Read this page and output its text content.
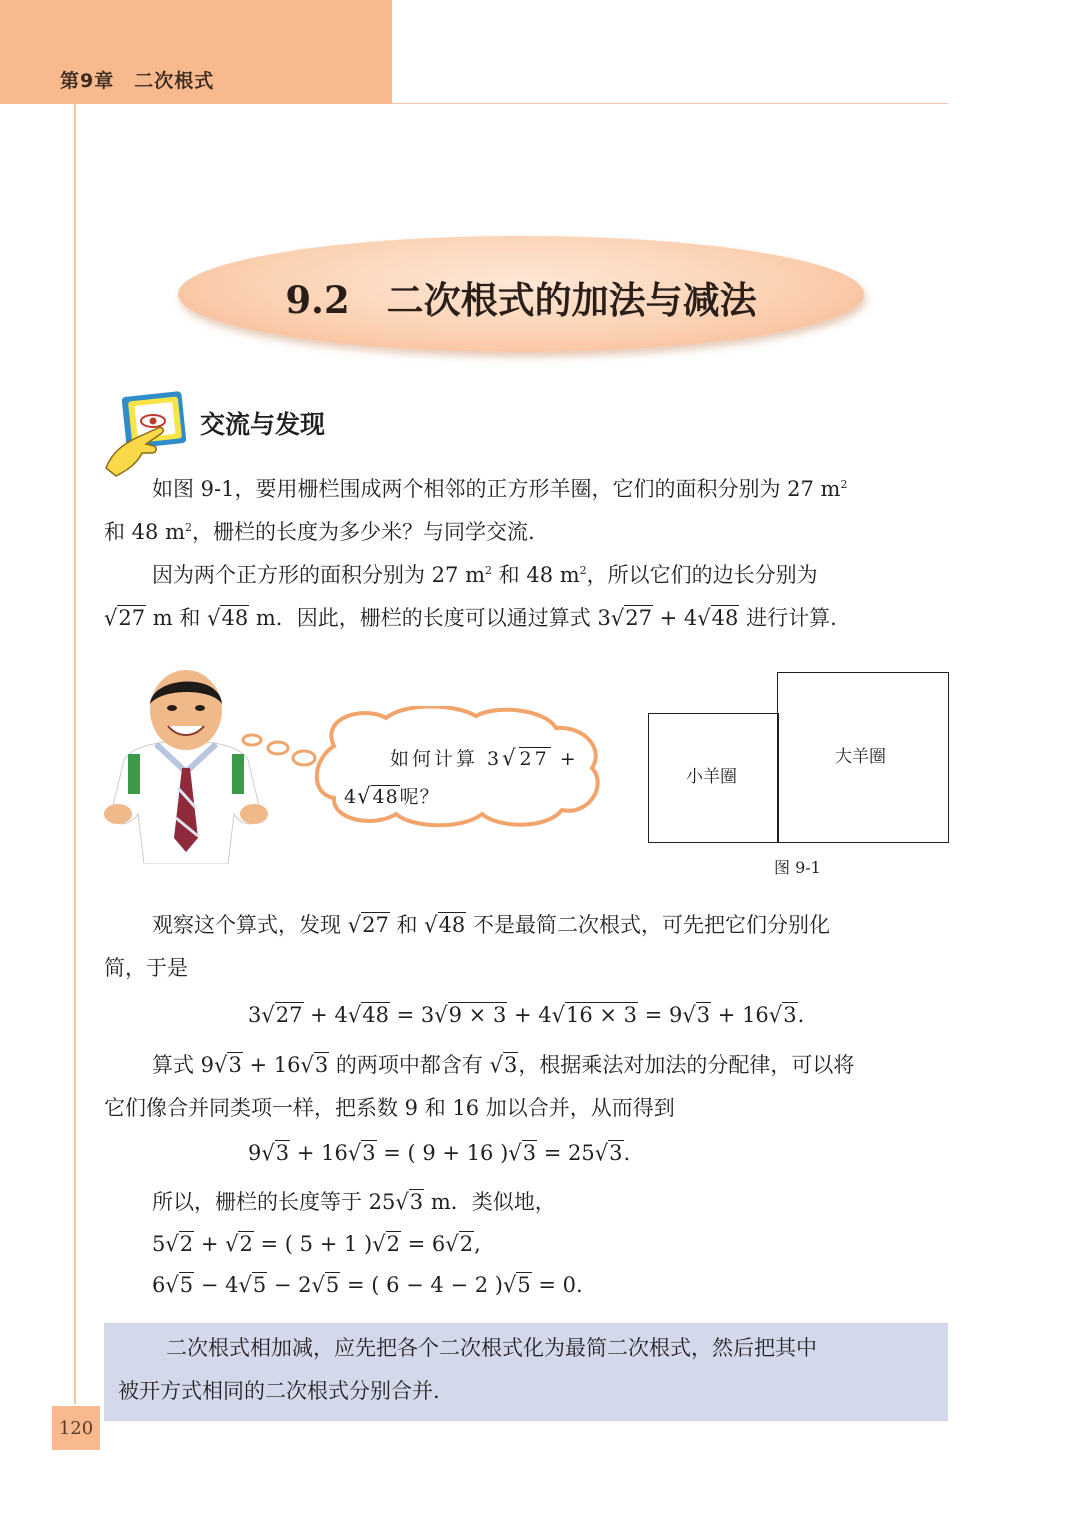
第9章　二次根式
120
9.2　二次根式的加法与减法
交流与发现
如图 9-1，要用栅栏围成两个相邻的正方形羊圈，它们的面积分别为 27 $m^2$
和 48 $m^2$，栅栏的长度为多少米？与同学交流.
因为两个正方形的面积分别为 27 $m^2$ 和 48 $m^2$，所以它们的边长分别为
√27 m 和 √48 m．因此，栅栏的长度可以通过算式 3√27 + 4√48 进行计算.
如何计算 3√27 +
4√48呢？
小羊圈
大羊圈
图 9-1
观察这个算式，发现 √27 和 √48 不是最简二次根式，可先把它们分别化
简，于是
3√27 + 4√48 = 3√9 × 3 + 4√16 × 3 = 9√3 + 16√3.
算式 9√3 + 16√3 的两项中都含有 √3，根据乘法对加法的分配律，可以将
它们像合并同类项一样，把系数 9 和 16 加以合并，从而得到
9√3 + 16√3 = ( 9 + 16 )√3 = 25√3.
所以，栅栏的长度等于 25√3 m．类似地，
5√2 + √2 = ( 5 + 1 )√2 = 6√2,
6√5 − 4√5 − 2√5 = ( 6 − 4 − 2 )√5 = 0.
二次根式相加减，应先把各个二次根式化为最简二次根式，然后把其中
被开方式相同的二次根式分别合并.
